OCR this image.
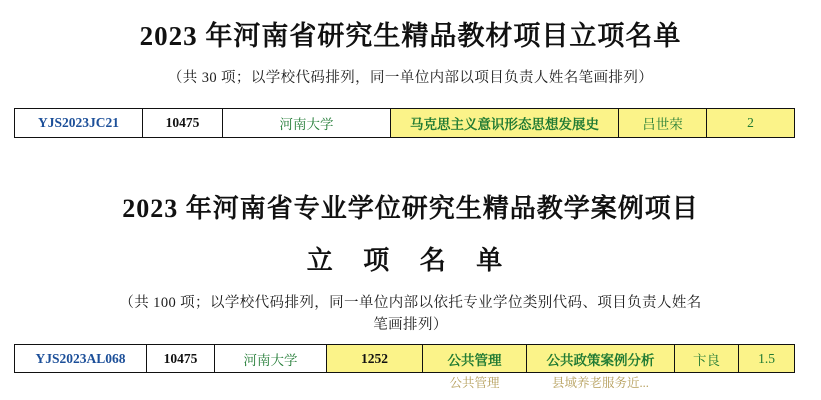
2023 年河南省研究生精品教材项目立项名单
（共 30 项；以学校代码排列，同一单位内部以项目负责人姓名笔画排列）
YJS2023JC21	10475	河南大学	马克思主义意识形态思想发展史	吕世荣	2
2023 年河南省专业学位研究生精品教学案例项目
立 项 名 单
（共 100 项；以学校代码排列，同一单位内部以依托专业学位类别代码、项目负责人姓名
笔画排列）
YJS2023AL068	10475	河南大学	1252	公共管理	公共政策案例分析	卞良	1.5
				公共管理	县域养老服务近...		
